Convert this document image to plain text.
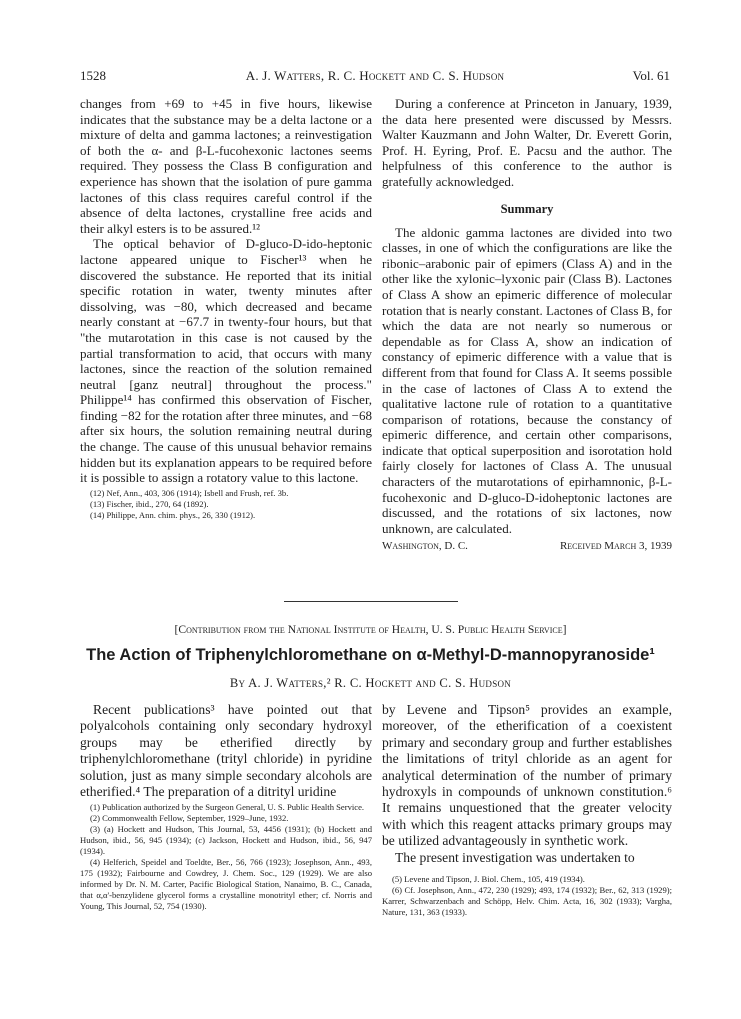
1528	A. J. Watters, R. C. Hockett and C. S. Hudson	Vol. 61

changes from +69 to +45 in five hours, likewise indicates that the substance may be a delta lactone or a mixture of delta and gamma lactones; a reinvestigation of both the α- and β-L-fucohexonic lactones seems required. They possess the Class B configuration and experience has shown that the isolation of pure gamma lactones of this class requires careful control if the absence of delta lactones, crystalline free acids and their alkyl esters is to be assured.¹²

The optical behavior of D-gluco-D-ido-heptonic lactone appeared unique to Fischer¹³ when he discovered the substance. He reported that its initial specific rotation in water, twenty minutes after dissolving, was −80, which decreased and became nearly constant at −67.7 in twenty-four hours, but that "the mutarotation in this case is not caused by the partial transformation to acid, that occurs with many lactones, since the reaction of the solution remained neutral [ganz neutral] throughout the process." Philippe¹⁴ has confirmed this observation of Fischer, finding −82 for the rotation after three minutes, and −68 after six hours, the solution remaining neutral during the change. The cause of this unusual behavior remains hidden but its explanation appears to be required before it is possible to assign a rotatory value to this lactone.

(12) Nef, Ann., 403, 306 (1914); Isbell and Frush, ref. 3b.
(13) Fischer, ibid., 270, 64 (1892).
(14) Philippe, Ann. chim. phys., 26, 330 (1912).

During a conference at Princeton in January, 1939, the data here presented were discussed by Messrs. Walter Kauzmann and John Walter, Dr. Everett Gorin, Prof. H. Eyring, Prof. E. Pacsu and the author. The helpfulness of this conference to the author is gratefully acknowledged.

Summary

The aldonic gamma lactones are divided into two classes, in one of which the configurations are like the ribonic–arabonic pair of epimers (Class A) and in the other like the xylonic–lyxonic pair (Class B). Lactones of Class A show an epimeric difference of molecular rotation that is nearly constant. Lactones of Class B, for which the data are not nearly so numerous or dependable as for Class A, show an indication of constancy of epimeric difference with a value that is different from that found for Class A. It seems possible in the case of lactones of Class A to extend the qualitative lactone rule of rotation to a quantitative comparison of rotations, because the constancy of epimeric difference, and certain other comparisons, indicate that optical superposition and isorotation hold fairly closely for lactones of Class A. The unusual characters of the mutarotations of epirhamnonic, β-L-fucohexonic and D-gluco-D-idoheptonic lactones are discussed, and the rotations of six lactones, now unknown, are calculated.

Washington, D. C.	Received March 3, 1939
[Contribution from the National Institute of Health, U. S. Public Health Service]
The Action of Triphenylchloromethane on α-Methyl-D-mannopyranoside¹
By A. J. Watters,² R. C. Hockett and C. S. Hudson

Recent publications³ have pointed out that polyalcohols containing only secondary hydroxyl groups may be etherified directly by triphenylchloromethane (trityl chloride) in pyridine solution, just as many simple secondary alcohols are etherified.⁴ The preparation of a ditrityl uridine

(1) Publication authorized by the Surgeon General, U. S. Public Health Service.
(2) Commonwealth Fellow, September, 1929–June, 1932.
(3) (a) Hockett and Hudson, This Journal, 53, 4456 (1931); (b) Hockett and Hudson, ibid., 56, 945 (1934); (c) Jackson, Hockett and Hudson, ibid., 56, 947 (1934).
(4) Helferich, Speidel and Toeldte, Ber., 56, 766 (1923); Josephson, Ann., 493, 175 (1932); Fairbourne and Cowdrey, J. Chem. Soc., 129 (1929). We are also informed by Dr. N. M. Carter, Pacific Biological Station, Nanaimo, B. C., Canada, that α,α'-benzylidene glycerol forms a crystalline monotrityl ether; cf. Norris and Young, This Journal, 52, 754 (1930).

by Levene and Tipson⁵ provides an example, moreover, of the etherification of a coexistent primary and secondary group and further establishes the limitations of trityl chloride as an agent for analytical determination of the number of primary hydroxyls in compounds of unknown constitution.⁶ It remains unquestioned that the greater velocity with which this reagent attacks primary groups may be utilized advantageously in synthetic work.

The present investigation was undertaken to

(5) Levene and Tipson, J. Biol. Chem., 105, 419 (1934).
(6) Cf. Josephson, Ann., 472, 230 (1929); 493, 174 (1932); Ber., 62, 313 (1929); Karrer, Schwarzenbach and Schöpp, Helv. Chim. Acta, 16, 302 (1933); Vargha, Nature, 131, 363 (1933).
